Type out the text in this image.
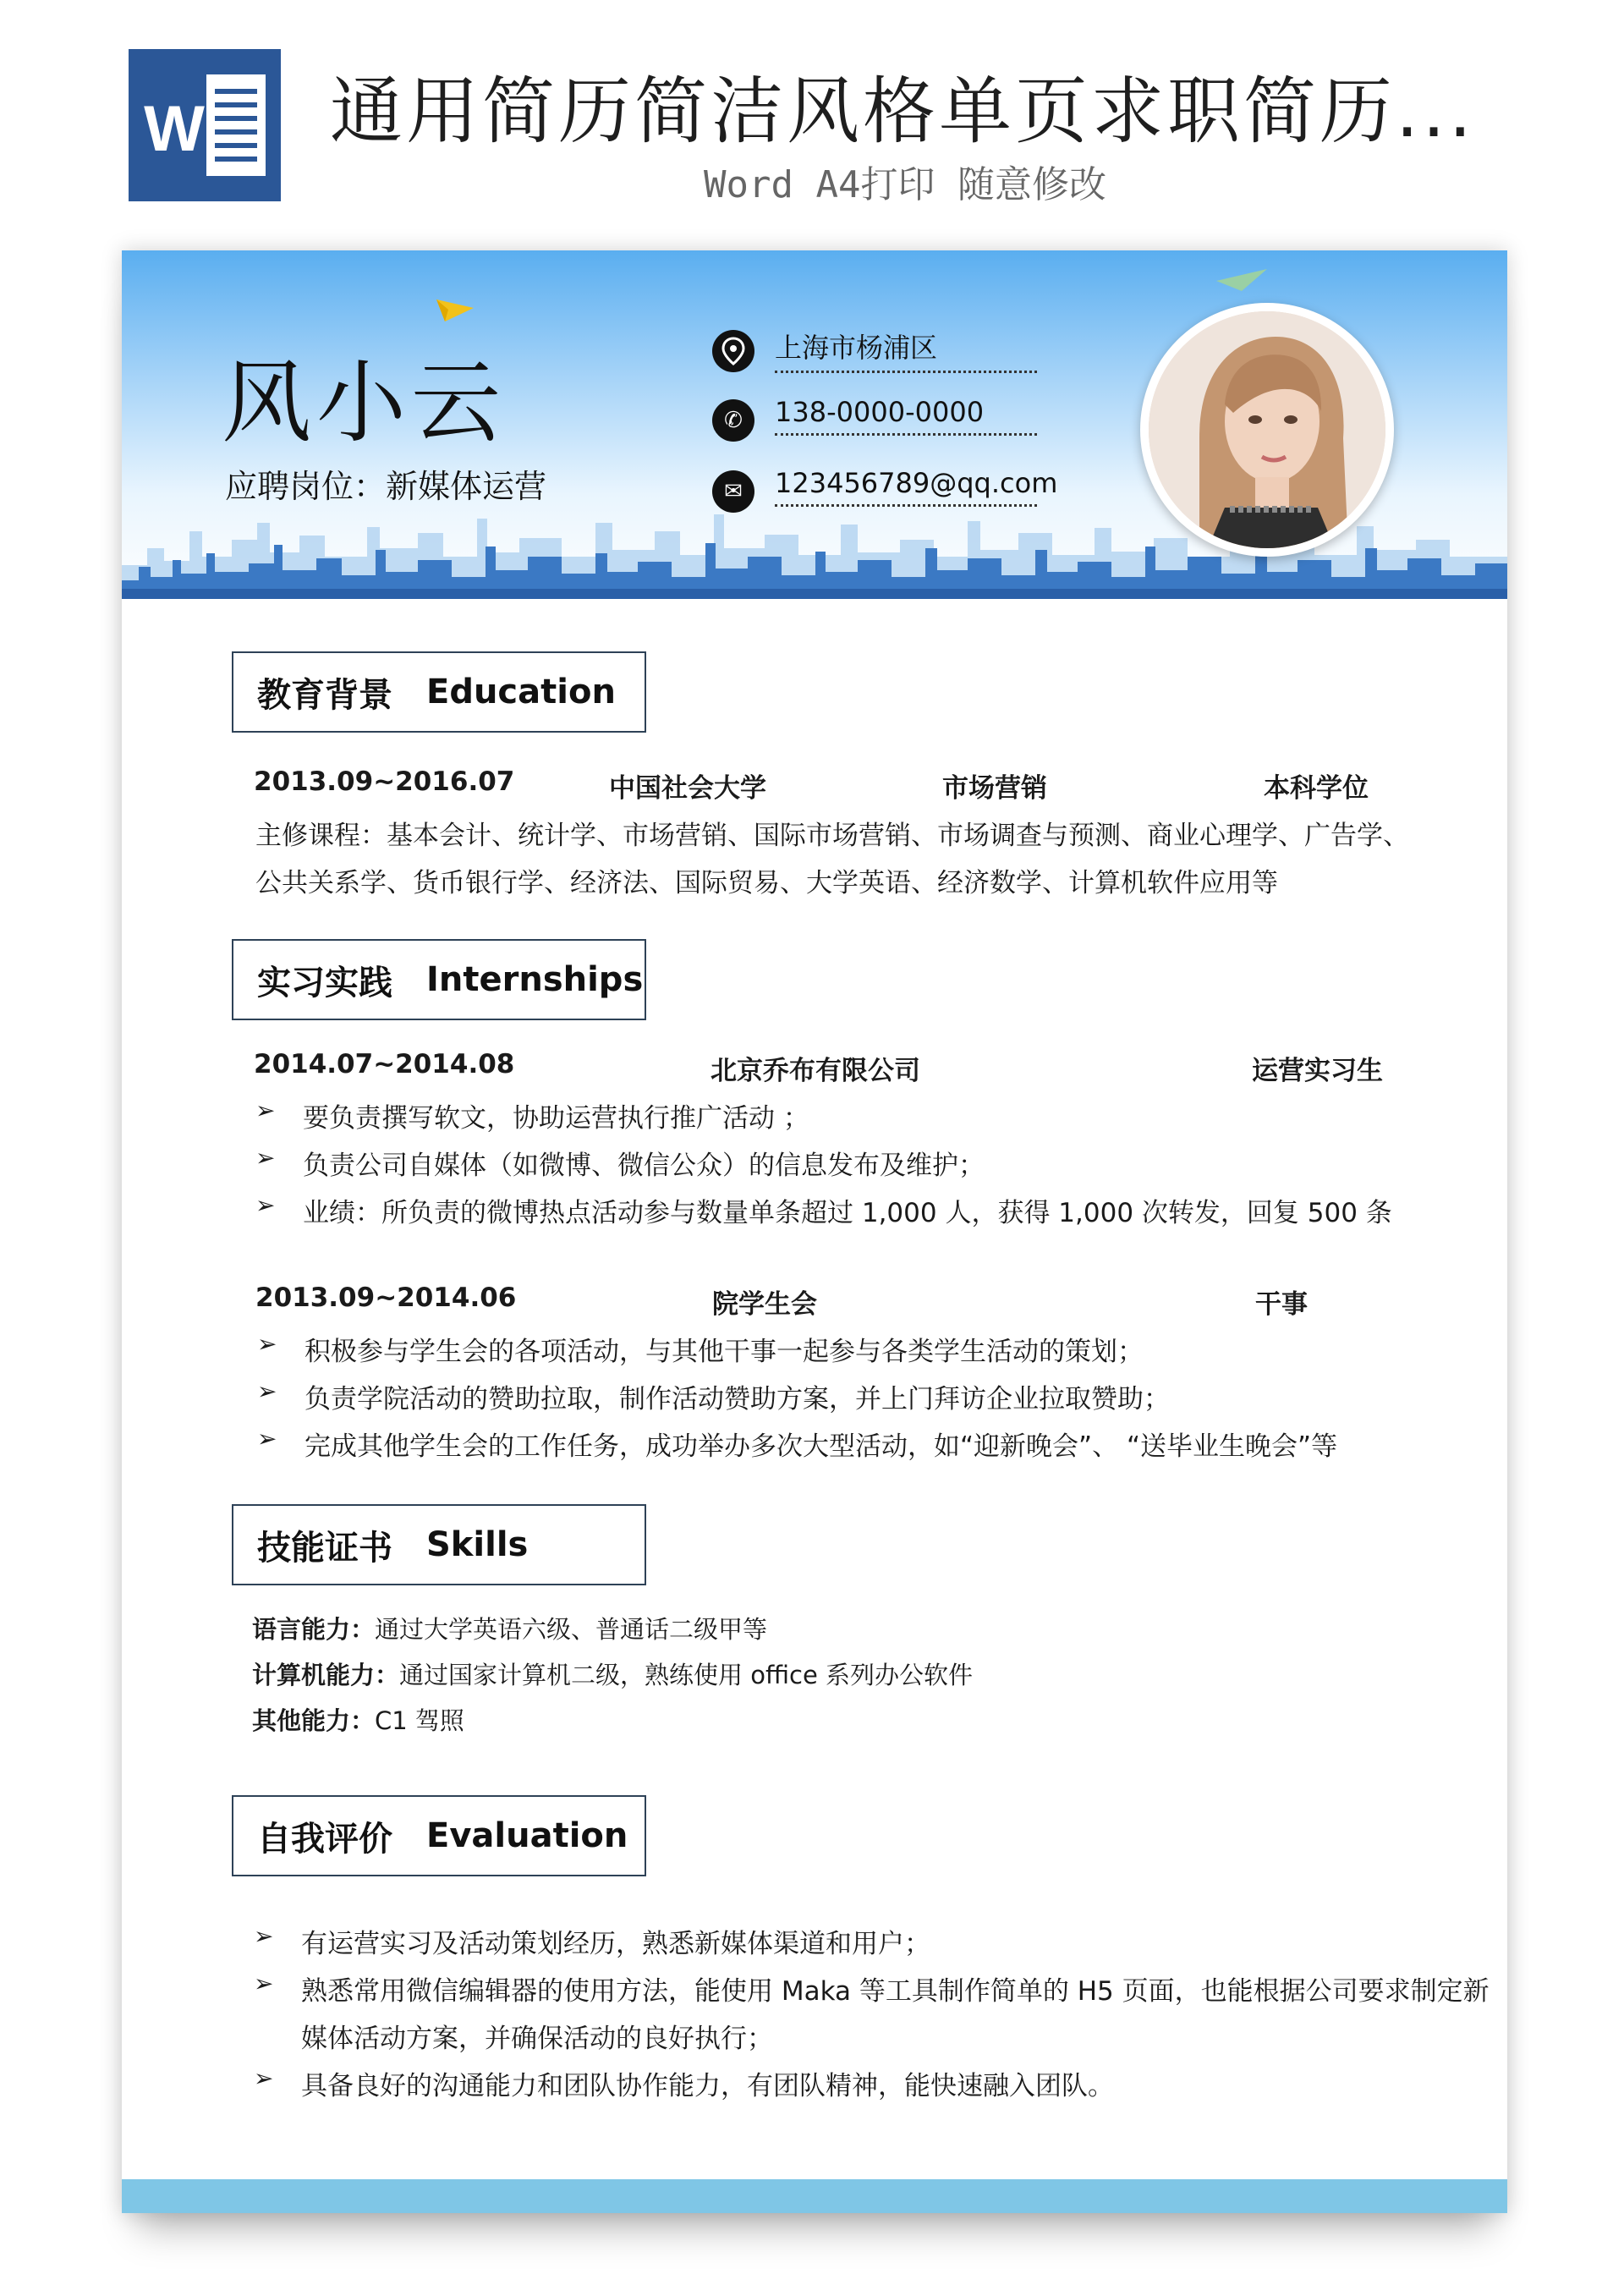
W 通用简历简洁风格单页求职简历...
Word A4打印 随意修改
风小云
应聘岗位：新媒体运营
上海市杨浦区
✆	138-0000-0000
✉	123456789@qq.com
教育背景 Education
2013.09~2016.07	中国社会大学	市场营销	本科学位
主修课程：基本会计、统计学、市场营销、国际市场营销、市场调查与预测、商业心理学、广告学、
公共关系学、货币银行学、经济法、国际贸易、大学英语、经济数学、计算机软件应用等
实习实践 Internships
2014.07~2014.08	北京乔布有限公司	运营实习生
➢ 要负责撰写软文，协助运营执行推广活动 ；
➢ 负责公司自媒体（如微博、微信公众）的信息发布及维护；
➢ 业绩：所负责的微博热点活动参与数量单条超过 1,000 人，获得 1,000 次转发，回复 500 条
2013.09~2014.06	院学生会	干事
➢ 积极参与学生会的各项活动，与其他干事一起参与各类学生活动的策划；
➢ 负责学院活动的赞助拉取，制作活动赞助方案，并上门拜访企业拉取赞助；
➢ 完成其他学生会的工作任务，成功举办多次大型活动，如“迎新晚会”、 “送毕业生晚会”等
技能证书 Skills
语言能力：通过大学英语六级、普通话二级甲等
计算机能力：通过国家计算机二级，熟练使用 office 系列办公软件
其他能力：C1 驾照
自我评价 Evaluation
➢ 有运营实习及活动策划经历，熟悉新媒体渠道和用户；
➢ 熟悉常用微信编辑器的使用方法，能使用 Maka 等工具制作简单的 H5 页面，也能根据公司要求制定新
媒体活动方案，并确保活动的良好执行；
➢ 具备良好的沟通能力和团队协作能力，有团队精神，能快速融入团队。
